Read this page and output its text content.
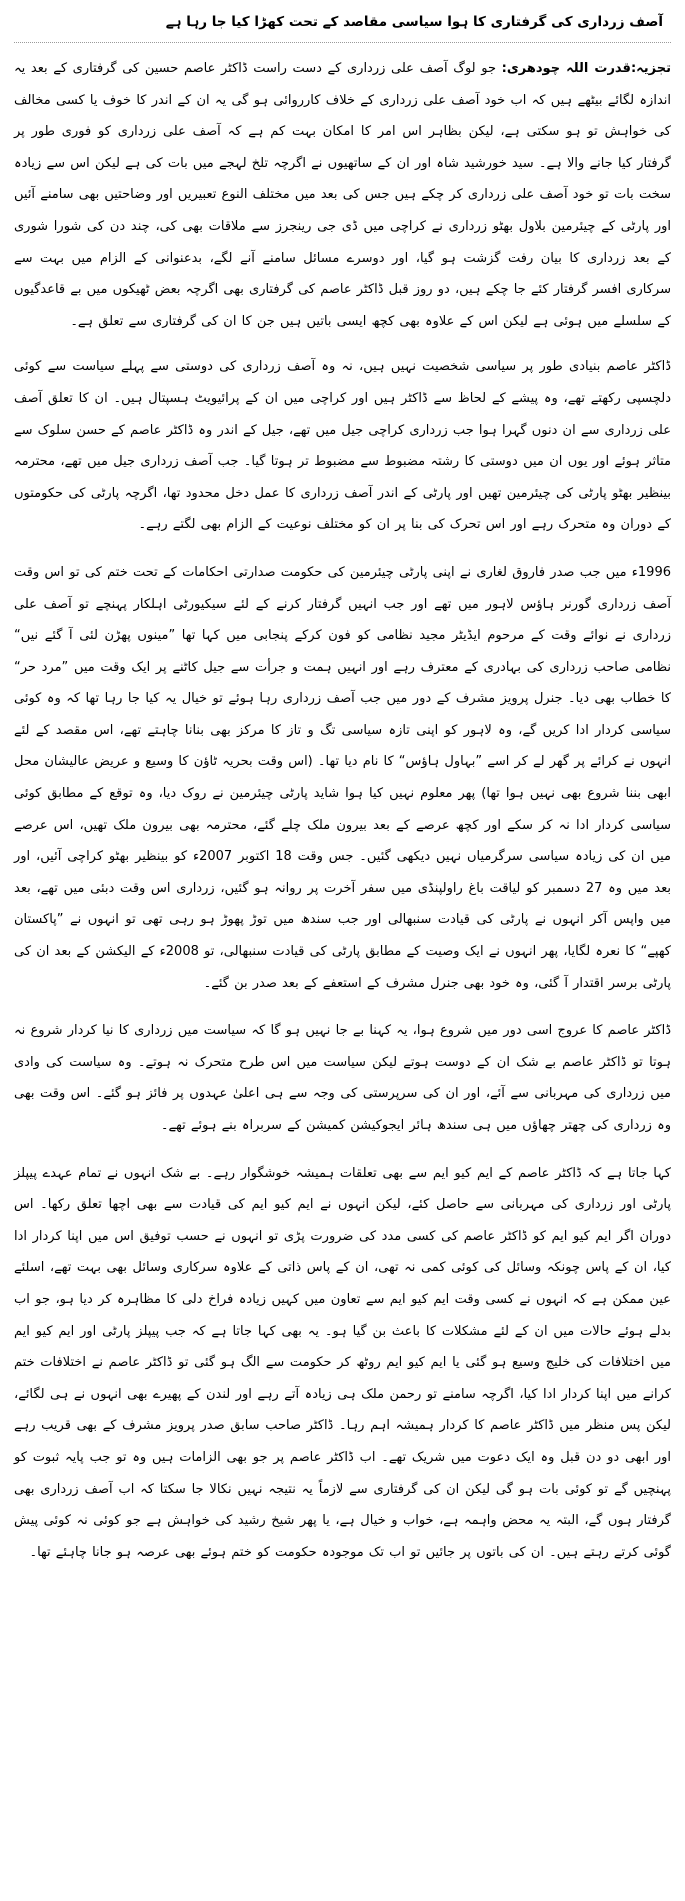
آصف زرداری کی گرفتاری کا ہوا سیاسی مقاصد کے تحت کھڑا کیا جا رہا ہے

تجزیہ:قدرت اللہ چودھری: جو لوگ آصف علی زرداری کے دست راست ڈاکٹر عاصم حسین کی گرفتاری کے بعد یہ اندازہ لگائے بیٹھے ہیں کہ اب خود آصف علی زرداری کے خلاف کارروائی ہو گی یہ ان کے اندر کا خوف یا کسی مخالف کی خواہش تو ہو سکتی ہے، لیکن بظاہر اس امر کا امکان بہت کم ہے کہ آصف علی زرداری کو فوری طور پر گرفتار کیا جانے والا ہے۔ سید خورشید شاہ اور ان کے ساتھیوں نے اگرچہ تلخ لہجے میں بات کی ہے لیکن اس سے زیادہ سخت بات تو خود آصف علی زرداری کر چکے ہیں جس کی بعد میں مختلف النوع تعبیریں اور وضاحتیں بھی سامنے آئیں اور پارٹی کے چیئرمین بلاول بھٹو زرداری نے کراچی میں ڈی جی رینجرز سے ملاقات بھی کی، چند دن کی شورا شوری کے بعد زرداری کا بیان رفت گزشت ہو گیا، اور دوسرے مسائل سامنے آنے لگے، بدعنوانی کے الزام میں بہت سے سرکاری افسر گرفتار کئے جا چکے ہیں، دو روز قبل ڈاکٹر عاصم کی گرفتاری بھی اگرچہ بعض ٹھیکوں میں بے قاعدگیوں کے سلسلے میں ہوئی ہے لیکن اس کے علاوہ بھی کچھ ایسی باتیں ہیں جن کا ان کی گرفتاری سے تعلق ہے۔

ڈاکٹر عاصم بنیادی طور پر سیاسی شخصیت نہیں ہیں، نہ وہ آصف زرداری کی دوستی سے پہلے سیاست سے کوئی دلچسپی رکھتے تھے، وہ پیشے کے لحاظ سے ڈاکٹر ہیں اور کراچی میں ان کے پرائیویٹ ہسپتال ہیں۔ ان کا تعلق آصف علی زرداری سے ان دنوں گہرا ہوا جب زرداری کراچی جیل میں تھے، جیل کے اندر وہ ڈاکٹر عاصم کے حسن سلوک سے متاثر ہوئے اور یوں ان میں دوستی کا رشتہ مضبوط سے مضبوط تر ہوتا گیا۔ جب آصف زرداری جیل میں تھے، محترمہ بینظیر بھٹو پارٹی کی چیئرمین تھیں اور پارٹی کے اندر آصف زرداری کا عمل دخل محدود تھا، اگرچہ پارٹی کی حکومتوں کے دوران وہ متحرک رہے اور اس تحرک کی بنا پر ان کو مختلف نوعیت کے الزام بھی لگتے رہے۔

1996ء میں جب صدر فاروق لغاری نے اپنی پارٹی چیئرمین کی حکومت صدارتی احکامات کے تحت ختم کی تو اس وقت آصف زرداری گورنر ہاؤس لاہور میں تھے اور جب انہیں گرفتار کرنے کے لئے سیکیورٹی اہلکار پہنچے تو آصف علی زرداری نے نوائے وقت کے مرحوم ایڈیٹر مجید نظامی کو فون کرکے پنجابی میں کہا تھا ”مینوں پھڑن لئی آ گئے نیں“ نظامی صاحب زرداری کی بہادری کے معترف رہے اور انہیں ہمت و جرأت سے جیل کاٹنے پر ایک وقت میں ”مرد حر“ کا خطاب بھی دیا۔ جنرل پرویز مشرف کے دور میں جب آصف زرداری رہا ہوئے تو خیال یہ کیا جا رہا تھا کہ وہ کوئی سیاسی کردار ادا کریں گے، وہ لاہور کو اپنی تازہ سیاسی تگ و تاز کا مرکز بھی بنانا چاہتے تھے، اس مقصد کے لئے انہوں نے کرائے پر گھر لے کر اسے ”بہاول ہاؤس“ کا نام دیا تھا۔ (اس وقت بحریہ ٹاؤن کا وسیع و عریض عالیشان محل ابھی بننا شروع بھی نہیں ہوا تھا) پھر معلوم نہیں کیا ہوا شاید پارٹی چیئرمین نے روک دیا، وہ توقع کے مطابق کوئی سیاسی کردار ادا نہ کر سکے اور کچھ عرصے کے بعد بیرون ملک چلے گئے، محترمہ بھی بیرون ملک تھیں، اس عرصے میں ان کی زیادہ سیاسی سرگرمیاں نہیں دیکھی گئیں۔ جس وقت 18 اکتوبر 2007ء کو بینظیر بھٹو کراچی آئیں، اور بعد میں وہ 27 دسمبر کو لیاقت باغ راولپنڈی میں سفر آخرت پر روانہ ہو گئیں، زرداری اس وقت دبئی میں تھے، بعد میں واپس آکر انہوں نے پارٹی کی قیادت سنبھالی اور جب سندھ میں توڑ پھوڑ ہو رہی تھی تو انہوں نے ”پاکستان کھپے“ کا نعرہ لگایا، پھر انہوں نے ایک وصیت کے مطابق پارٹی کی قیادت سنبھالی، تو 2008ء کے الیکشن کے بعد ان کی پارٹی برسر اقتدار آ گئی، وہ خود بھی جنرل مشرف کے استعفے کے بعد صدر بن گئے۔

ڈاکٹر عاصم کا عروج اسی دور میں شروع ہوا، یہ کہنا بے جا نہیں ہو گا کہ سیاست میں زرداری کا نیا کردار شروع نہ ہوتا تو ڈاکٹر عاصم بے شک ان کے دوست ہوتے لیکن سیاست میں اس طرح متحرک نہ ہوتے۔ وہ سیاست کی وادی میں زرداری کی مہربانی سے آئے، اور ان کی سرپرستی کی وجہ سے ہی اعلیٰ عہدوں پر فائز ہو گئے۔ اس وقت بھی وہ زرداری کی چھتر چھاؤں میں ہی سندھ ہائر ایجوکیشن کمیشن کے سربراہ بنے ہوئے تھے۔

کہا جاتا ہے کہ ڈاکٹر عاصم کے ایم کیو ایم سے بھی تعلقات ہمیشہ خوشگوار رہے۔ بے شک انہوں نے تمام عہدے پیپلز پارٹی اور زرداری کی مہربانی سے حاصل کئے، لیکن انہوں نے ایم کیو ایم کی قیادت سے بھی اچھا تعلق رکھا۔ اس دوران اگر ایم کیو ایم کو ڈاکٹر عاصم کی کسی مدد کی ضرورت پڑی تو انہوں نے حسب توفیق اس میں اپنا کردار ادا کیا، ان کے پاس چونکہ وسائل کی کوئی کمی نہ تھی، ان کے پاس ذاتی کے علاوہ سرکاری وسائل بھی بہت تھے، اسلئے عین ممکن ہے کہ انہوں نے کسی وقت ایم کیو ایم سے تعاون میں کہیں زیادہ فراخ دلی کا مظاہرہ کر دیا ہو، جو اب بدلے ہوئے حالات میں ان کے لئے مشکلات کا باعث بن گیا ہو۔ یہ بھی کہا جاتا ہے کہ جب پیپلز پارٹی اور ایم کیو ایم میں اختلافات کی خلیج وسیع ہو گئی یا ایم کیو ایم روٹھ کر حکومت سے الگ ہو گئی تو ڈاکٹر عاصم نے اختلافات ختم کرانے میں اپنا کردار ادا کیا، اگرچہ سامنے تو رحمن ملک ہی زیادہ آتے رہے اور لندن کے پھیرے بھی انہوں نے ہی لگائے، لیکن پس منظر میں ڈاکٹر عاصم کا کردار ہمیشہ اہم رہا۔ ڈاکٹر صاحب سابق صدر پرویز مشرف کے بھی قریب رہے اور ابھی دو دن قبل وہ ایک دعوت میں شریک تھے۔ اب ڈاکٹر عاصم پر جو بھی الزامات ہیں وہ تو جب پایہ ثبوت کو پہنچیں گے تو کوئی بات ہو گی لیکن ان کی گرفتاری سے لازماً یہ نتیجہ نہیں نکالا جا سکتا کہ اب آصف زرداری بھی گرفتار ہوں گے، البتہ یہ محض واہمہ ہے، خواب و خیال ہے، یا پھر شیخ رشید کی خواہش ہے جو کوئی نہ کوئی پیش گوئی کرتے رہتے ہیں۔ ان کی باتوں پر جائیں تو اب تک موجودہ حکومت کو ختم ہوئے بھی عرصہ ہو جانا چاہئے تھا۔
